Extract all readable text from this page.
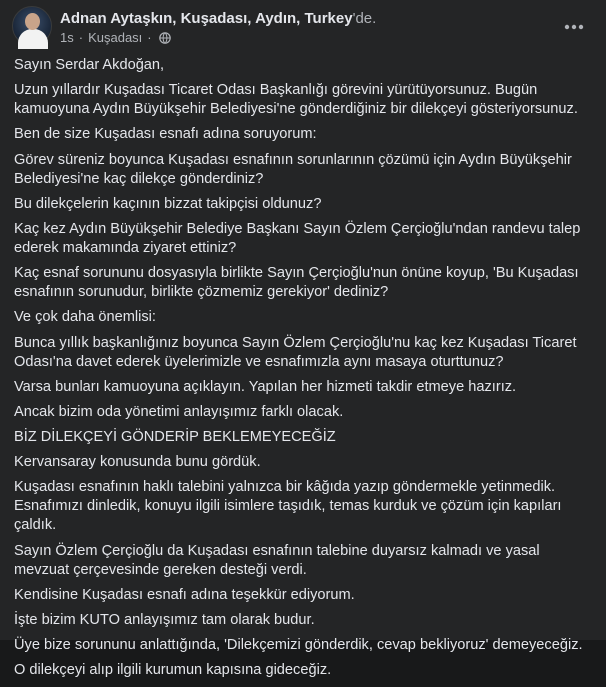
Adnan Aytaşkın, Kuşadası, Aydın, Turkey'de.
1s · Kuşadası ·

Sayın Serdar Akdoğan,

Uzun yıllardır Kuşadası Ticaret Odası Başkanlığı görevini yürütüyorsunuz. Bugün kamuoyuna Aydın Büyükşehir Belediyesi'ne gönderdiğiniz bir dilekçeyi gösteriyorsunuz.

Ben de size Kuşadası esnafı adına soruyorum:

Görev süreniz boyunca Kuşadası esnafının sorunlarının çözümü için Aydın Büyükşehir Belediyesi'ne kaç dilekçe gönderdiniz?

Bu dilekçelerin kaçının bizzat takipçisi oldunuz?

Kaç kez Aydın Büyükşehir Belediye Başkanı Sayın Özlem Çerçioğlu'ndan randevu talep ederek makamında ziyaret ettiniz?

Kaç esnaf sorununu dosyasıyla birlikte Sayın Çerçioğlu'nun önüne koyup, 'Bu Kuşadası esnafının sorunudur, birlikte çözmemiz gerekiyor' dediniz?

Ve çok daha önemlisi:

Bunca yıllık başkanlığınız boyunca Sayın Özlem Çerçioğlu'nu kaç kez Kuşadası Ticaret Odası'na davet ederek üyelerimizle ve esnafımızla aynı masaya oturttunuz?

Varsa bunları kamuoyuna açıklayın. Yapılan her hizmeti takdir etmeye hazırız.

Ancak bizim oda yönetimi anlayışımız farklı olacak.

BİZ DİLEKÇEYİ GÖNDERİP BEKLEMEYECEĞİZ

Kervansaray konusunda bunu gördük.

Kuşadası esnafının haklı talebini yalnızca bir kâğıda yazıp göndermekle yetinmedik. Esnafımızı dinledik, konuyu ilgili isimlere taşıdık, temas kurduk ve çözüm için kapıları çaldık.

Sayın Özlem Çerçioğlu da Kuşadası esnafının talebine duyarsız kalmadı ve yasal mevzuat çerçevesinde gereken desteği verdi.

Kendisine Kuşadası esnafı adına teşekkür ediyorum.

İşte bizim KUTO anlayışımız tam olarak budur.

Üye bize sorununu anlattığında, 'Dilekçemizi gönderdik, cevap bekliyoruz' demeyeceğiz.

O dilekçeyi alıp ilgili kurumun kapısına gideceğiz.
